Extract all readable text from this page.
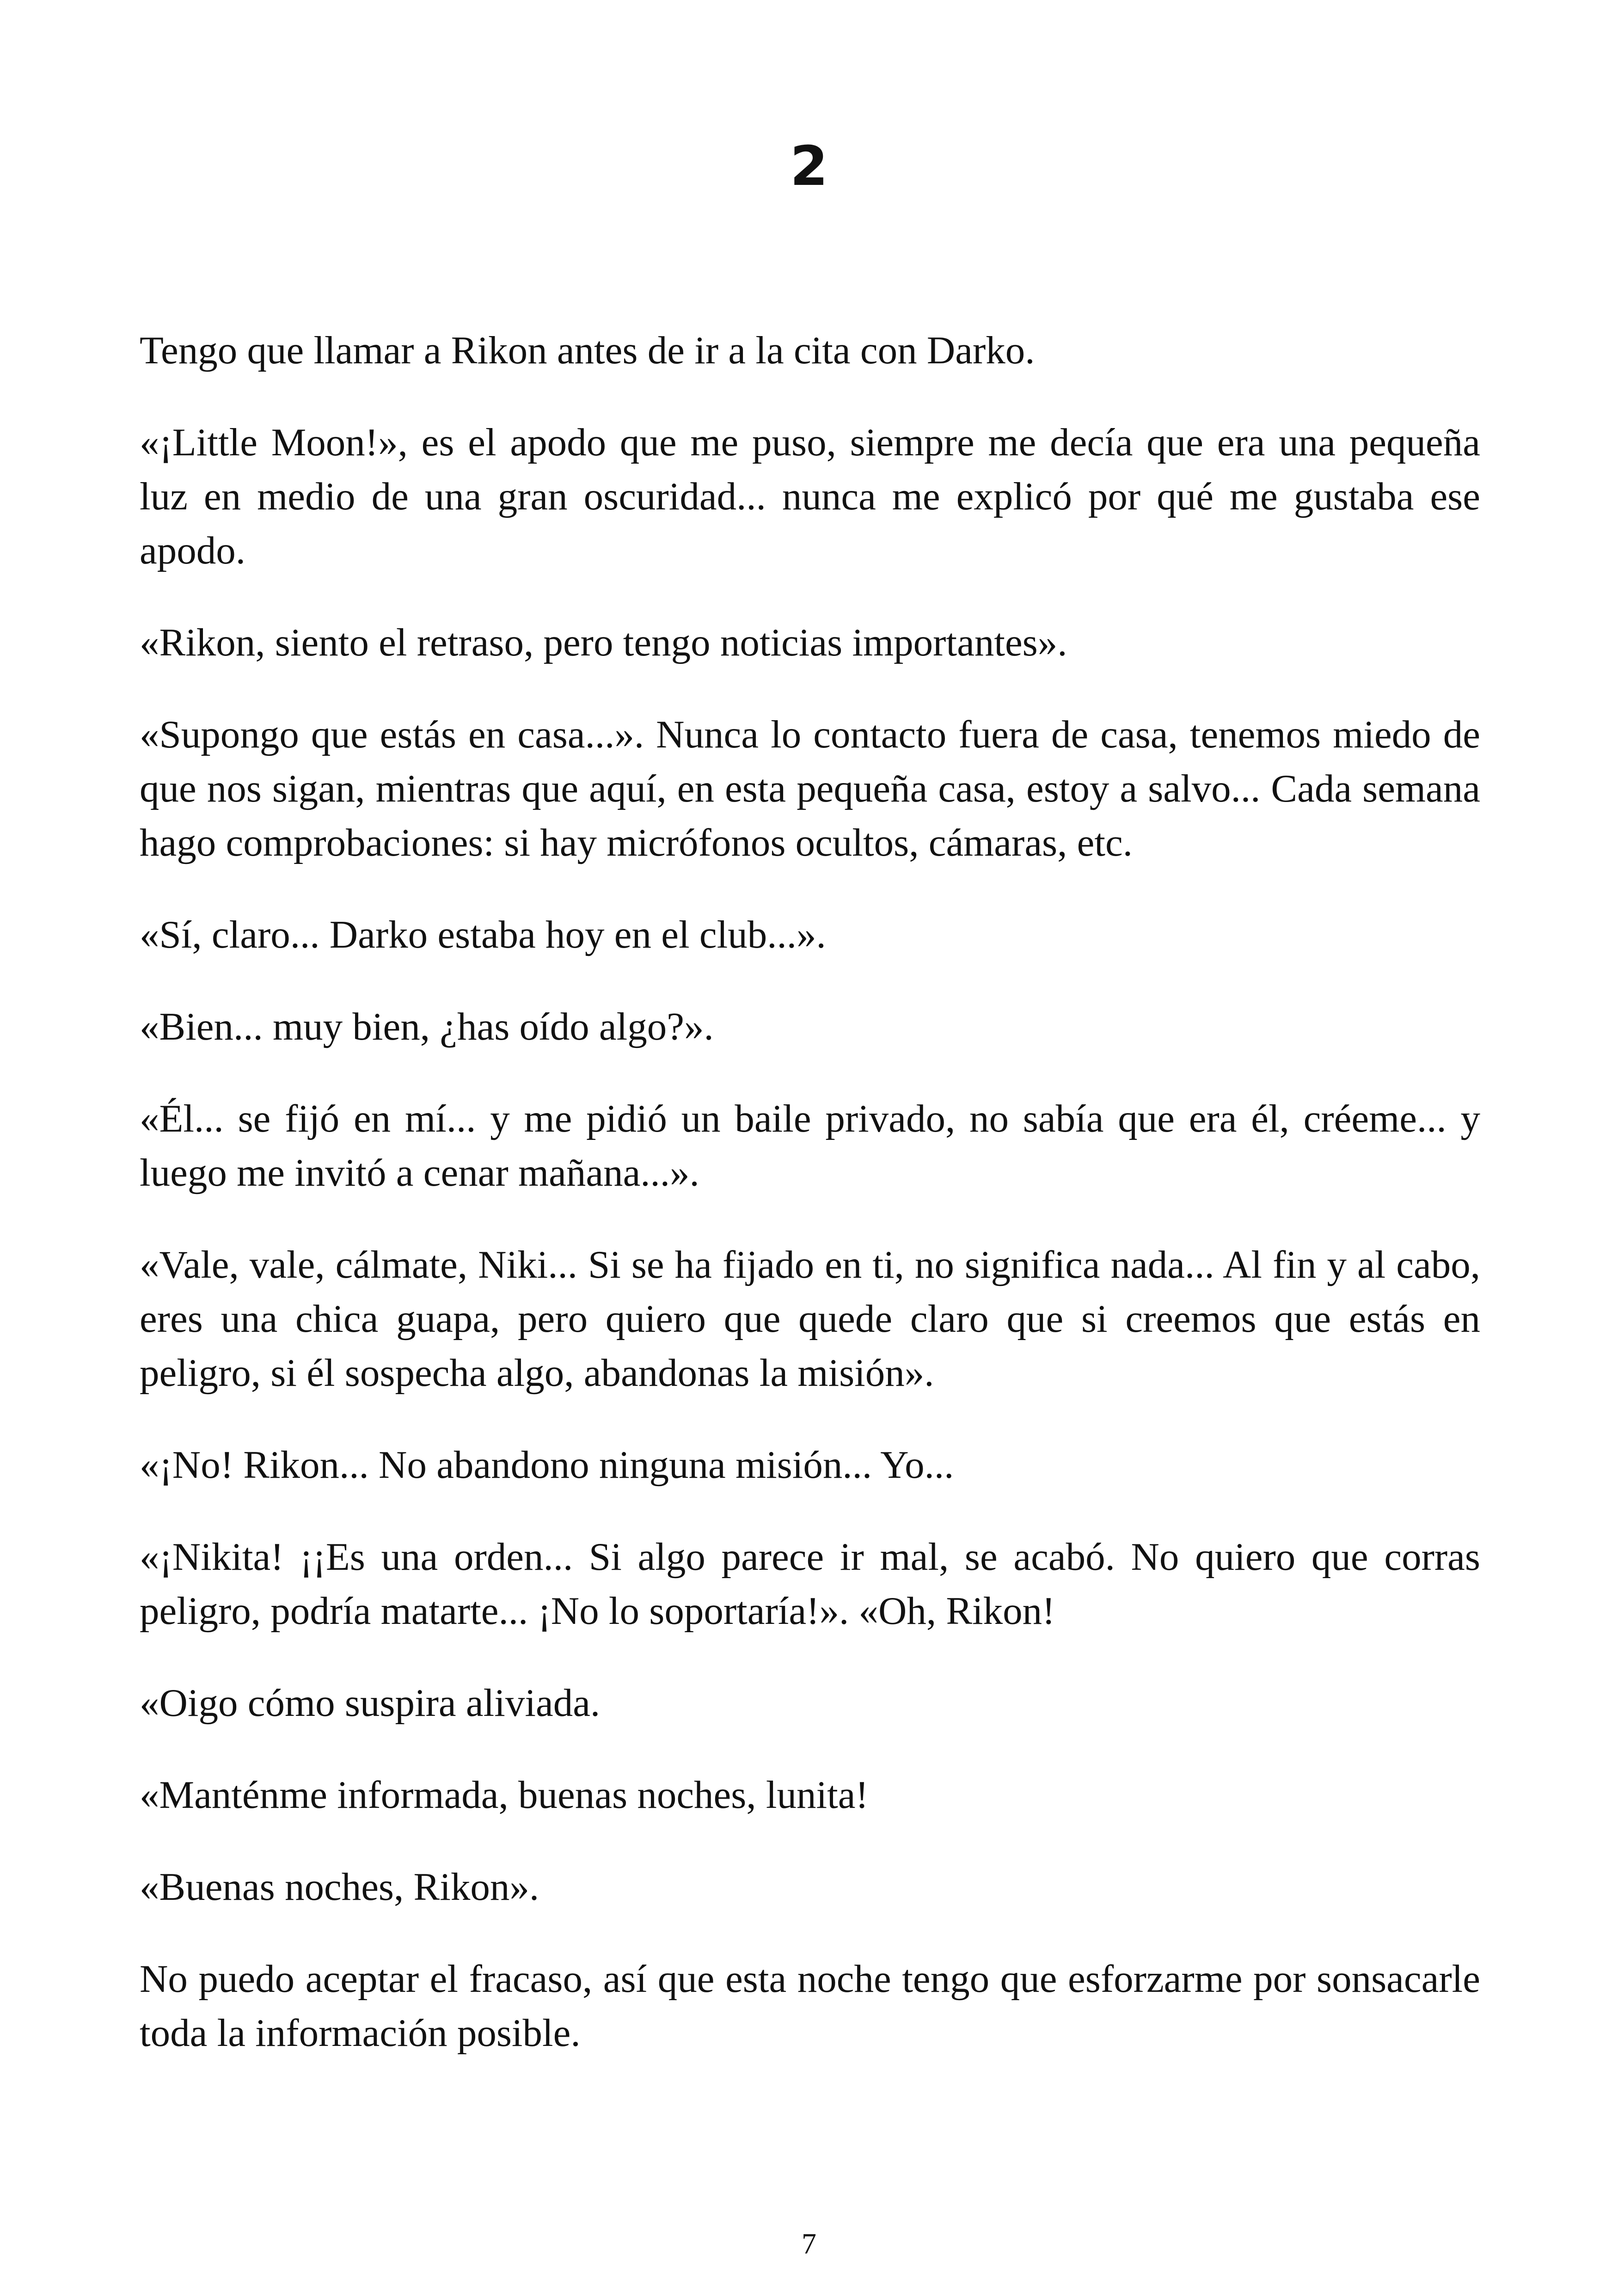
2

Tengo que llamar a Rikon antes de ir a la cita con Darko.

«¡Little Moon!», es el apodo que me puso, siempre me decía que era una pequeña luz en medio de una gran oscuridad... nunca me explicó por qué me gustaba ese apodo.

«Rikon, siento el retraso, pero tengo noticias importantes».

«Supongo que estás en casa...». Nunca lo contacto fuera de casa, tenemos miedo de que nos sigan, mientras que aquí, en esta pequeña casa, estoy a salvo... Cada semana hago comprobaciones: si hay micrófonos ocultos, cámaras, etc.

«Sí, claro... Darko estaba hoy en el club...».

«Bien... muy bien, ¿has oído algo?».

«Él... se fijó en mí... y me pidió un baile privado, no sabía que era él, créeme... y luego me invitó a cenar mañana...».

«Vale, vale, cálmate, Niki... Si se ha fijado en ti, no significa nada... Al fin y al cabo, eres una chica guapa, pero quiero que quede claro que si creemos que estás en peligro, si él sospecha algo, abandonas la misión».

«¡No! Rikon... No abandono ninguna misión... Yo...

«¡Nikita! ¡¡Es una orden... Si algo parece ir mal, se acabó. No quiero que corras peligro, podría matarte... ¡No lo soportaría!». «Oh, Rikon!

«Oigo cómo suspira aliviada.

«Manténme informada, buenas noches, lunita!

«Buenas noches, Rikon».

No puedo aceptar el fracaso, así que esta noche tengo que esforzarme por sonsacarle toda la información posible.

7
